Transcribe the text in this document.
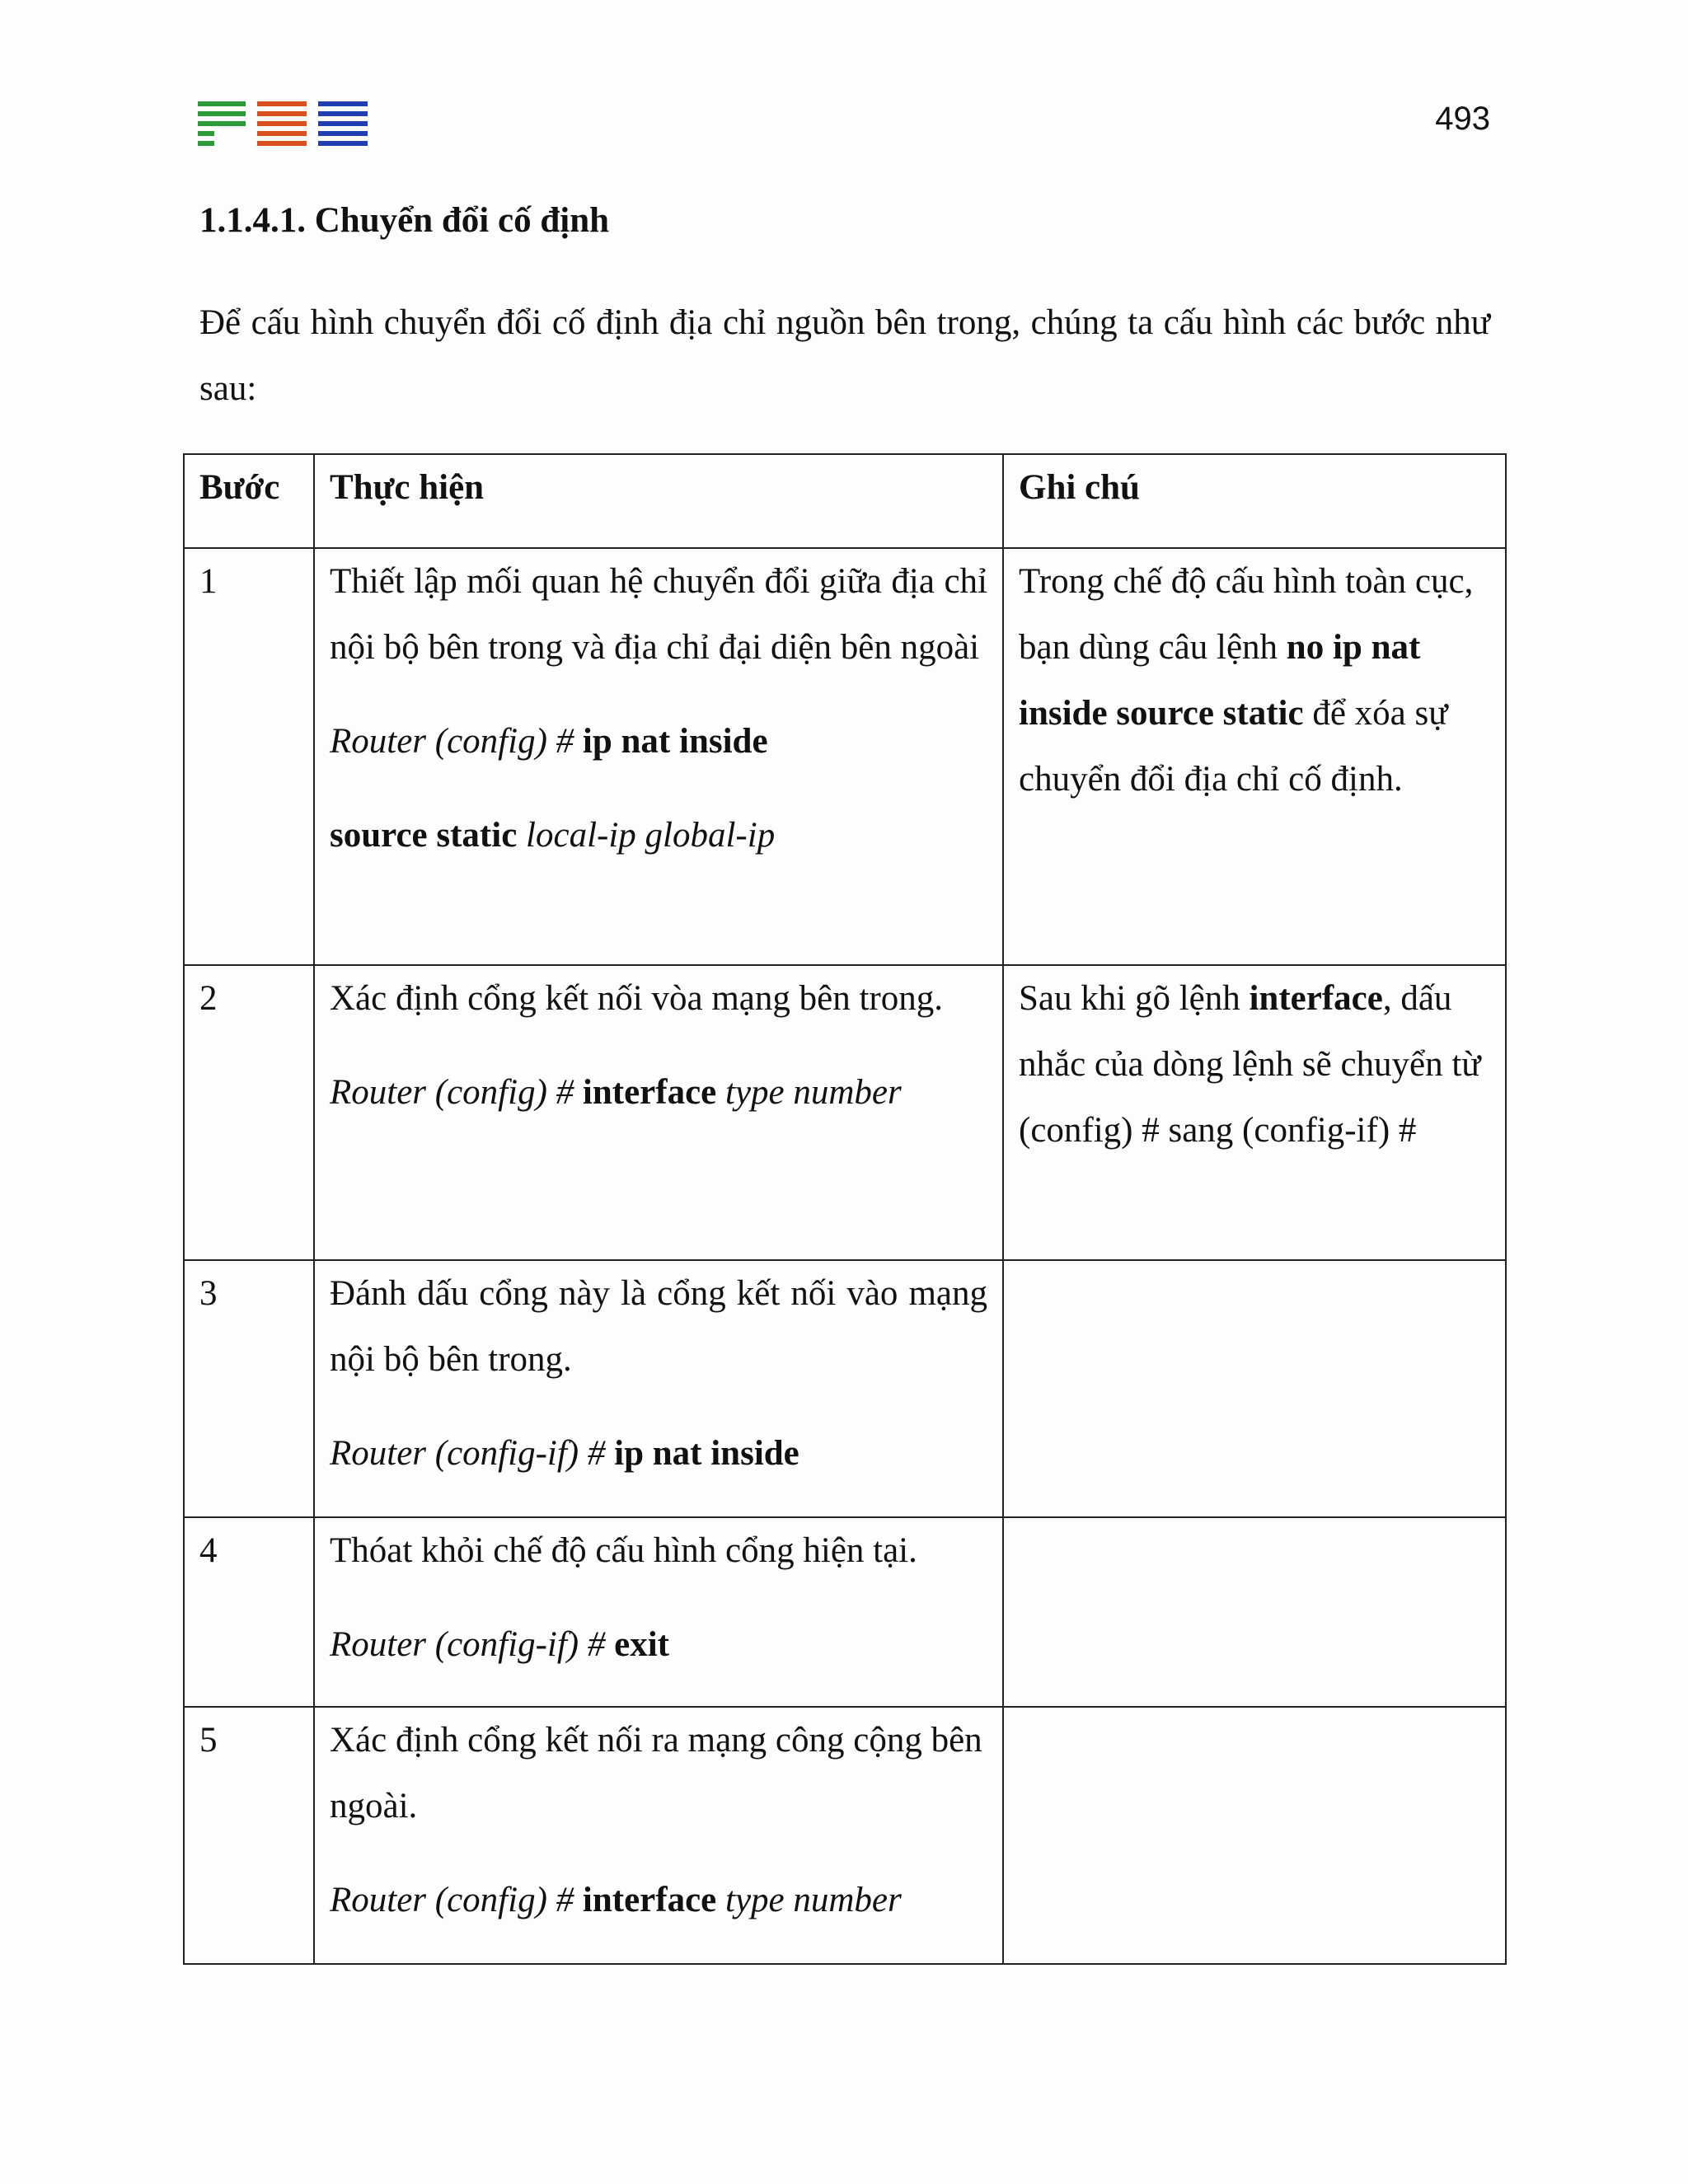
493
1.1.4.1. Chuyển đổi cố định

Để cấu hình chuyển đổi cố định địa chỉ nguồn bên trong, chúng ta cấu hình các bước như sau:

Bước	Thực hiện	Ghi chú
1	Thiết lập mối quan hệ chuyển đổi giữa địa chỉ nội bộ bên trong và địa chỉ đại diện bên ngoài
Router (config) # ip nat inside
source static local-ip global-ip	Trong chế độ cấu hình toàn cục, bạn dùng câu lệnh no ip nat inside source static để xóa sự chuyển đổi địa chỉ cố định.
2	Xác định cổng kết nối vòa mạng bên trong.
Router (config) # interface type number	Sau khi gõ lệnh interface, dấu nhắc của dòng lệnh sẽ chuyển từ (config) # sang (config-if) #
3	Đánh dấu cổng này là cổng kết nối vào mạng nội bộ bên trong.
Router (config-if) # ip nat inside	

4	Thóat khỏi chế độ cấu hình cổng hiện tại.
Router (config-if) # exit	

5	Xác định cổng kết nối ra mạng công cộng bên ngoài.
Router (config) # interface type number	
